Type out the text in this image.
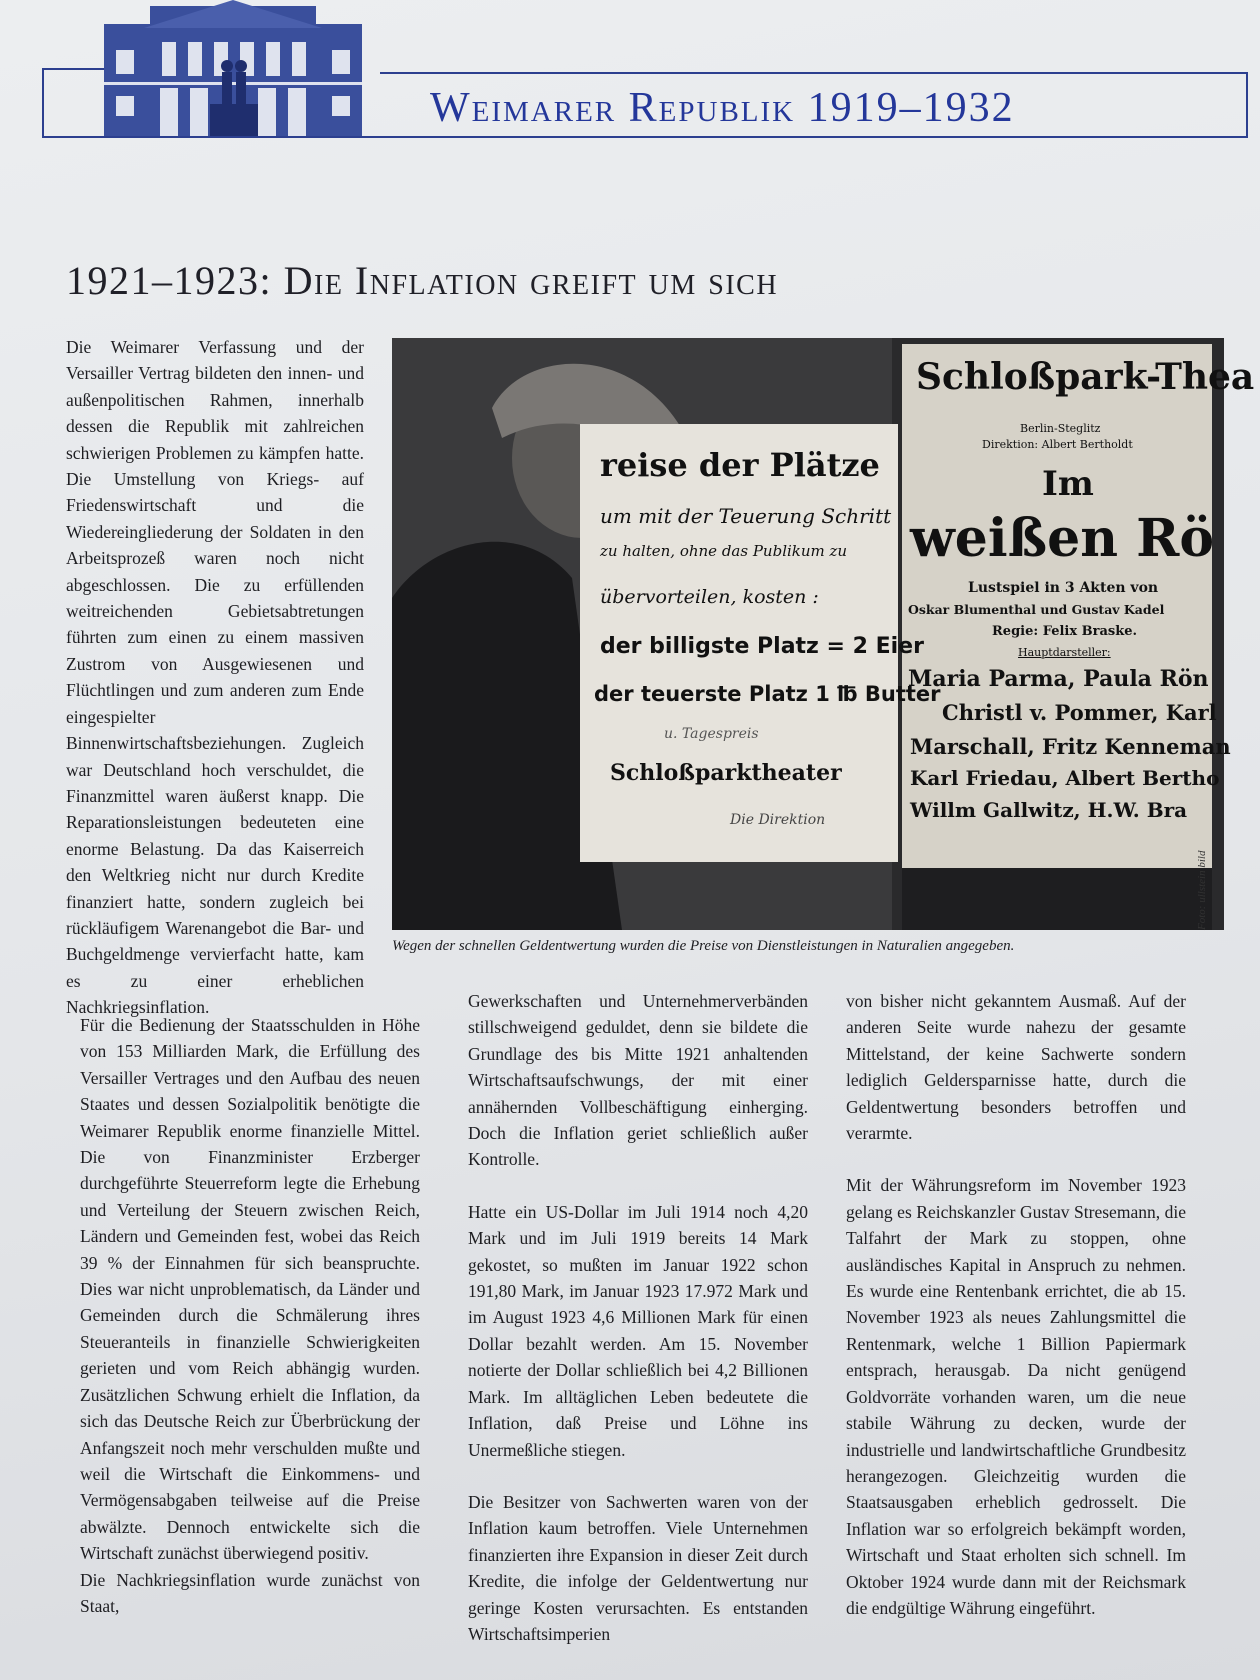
Weimarer Republik 1919–1932
1921–1923: Die Inflation greift um sich

Die Weimarer Verfassung und der Versailler Vertrag bildeten den innen- und außenpolitischen Rahmen, innerhalb dessen die Republik mit zahlreichen schwierigen Problemen zu kämpfen hatte. Die Umstellung von Kriegs- auf Friedenswirtschaft und die Wiedereingliederung der Soldaten in den Arbeitsprozeß waren noch nicht abgeschlossen. Die zu erfüllenden weitreichenden Gebietsabtretungen führten zum einen zu einem massiven Zustrom von Ausgewiesenen und Flüchtlingen und zum anderen zum Ende eingespielter Binnenwirtschaftsbeziehungen. Zugleich war Deutschland hoch verschuldet, die Finanzmittel waren äußerst knapp. Die Reparationsleistungen bedeuteten eine enorme Belastung. Da das Kaiserreich den Weltkrieg nicht nur durch Kredite finanziert hatte, sondern zugleich bei rückläufigem Warenangebot die Bar- und Buchgeldmenge vervierfacht hatte, kam es zu einer erheblichen Nachkriegsinflation.

reise der Plätze
um mit der Teuerung Schritt
zu halten, ohne das Publikum zu
übervorteilen, kosten :
der billigste Platz = 2 Eier
der teuerste Platz 1 ℔ Butter
u. Tagespreis
Schloßparktheater
Die Direktion
Schloßpark-Thea
Berlin-Steglitz
Direktion: Albert Bertholdt
Im
weißen Rö
Lustspiel in 3 Akten von
Oskar Blumenthal und Gustav Kadel
Regie: Felix Braske.
Hauptdarsteller:
Maria Parma, Paula Rön
Christl v. Pommer, Karl
Marschall, Fritz Kenneman
Karl Friedau, Albert Bertho
Willm Gallwitz, H.W. Bra
Foto: ullstein bild

Wegen der schnellen Geldentwertung wurden die Preise von Dienstleistungen in Naturalien angegeben.

Für die Bedienung der Staatsschulden in Höhe von 153 Milliarden Mark, die Erfüllung des Versailler Vertrages und den Aufbau des neuen Staates und dessen Sozialpolitik benötigte die Weimarer Republik enorme finanzielle Mittel. Die von Finanzminister Erzberger durchgeführte Steuerreform legte die Erhebung und Verteilung der Steuern zwischen Reich, Ländern und Gemeinden fest, wobei das Reich 39 % der Einnahmen für sich beanspruchte. Dies war nicht unproblematisch, da Länder und Gemeinden durch die Schmälerung ihres Steueranteils in finanzielle Schwierigkeiten gerieten und vom Reich abhängig wurden. Zusätzlichen Schwung erhielt die Inflation, da sich das Deutsche Reich zur Überbrückung der Anfangszeit noch mehr verschulden mußte und weil die Wirtschaft die Einkommens- und Vermögensabgaben teilweise auf die Preise abwälzte. Dennoch entwickelte sich die Wirtschaft zunächst überwiegend positiv.

Die Nachkriegsinflation wurde zunächst von Staat,

Gewerkschaften und Unternehmerverbänden stillschweigend geduldet, denn sie bildete die Grundlage des bis Mitte 1921 anhaltenden Wirtschaftsaufschwungs, der mit einer annähernden Vollbeschäftigung einherging. Doch die Inflation geriet schließlich außer Kontrolle.

Hatte ein US-Dollar im Juli 1914 noch 4,20 Mark und im Juli 1919 bereits 14 Mark gekostet, so mußten im Januar 1922 schon 191,80 Mark, im Januar 1923 17.972 Mark und im August 1923 4,6 Millionen Mark für einen Dollar bezahlt werden. Am 15. November notierte der Dollar schließlich bei 4,2 Billionen Mark. Im alltäglichen Leben bedeutete die Inflation, daß Preise und Löhne ins Unermeßliche stiegen.

Die Besitzer von Sachwerten waren von der Inflation kaum betroffen. Viele Unternehmen finanzierten ihre Expansion in dieser Zeit durch Kredite, die infolge der Geldentwertung nur geringe Kosten verursachten. Es entstanden Wirtschaftsimperien

von bisher nicht gekanntem Ausmaß. Auf der anderen Seite wurde nahezu der gesamte Mittelstand, der keine Sachwerte sondern lediglich Geldersparnisse hatte, durch die Geldentwertung besonders betroffen und verarmte.

Mit der Währungsreform im November 1923 gelang es Reichskanzler Gustav Stresemann, die Talfahrt der Mark zu stoppen, ohne ausländisches Kapital in Anspruch zu nehmen. Es wurde eine Rentenbank errichtet, die ab 15. November 1923 als neues Zahlungsmittel die Rentenmark, welche 1 Billion Papiermark entsprach, herausgab. Da nicht genügend Goldvorräte vorhanden waren, um die neue stabile Währung zu decken, wurde der industrielle und landwirtschaftliche Grundbesitz herangezogen. Gleichzeitig wurden die Staatsausgaben erheblich gedrosselt. Die Inflation war so erfolgreich bekämpft worden, Wirtschaft und Staat erholten sich schnell. Im Oktober 1924 wurde dann mit der Reichsmark die endgültige Währung eingeführt.
